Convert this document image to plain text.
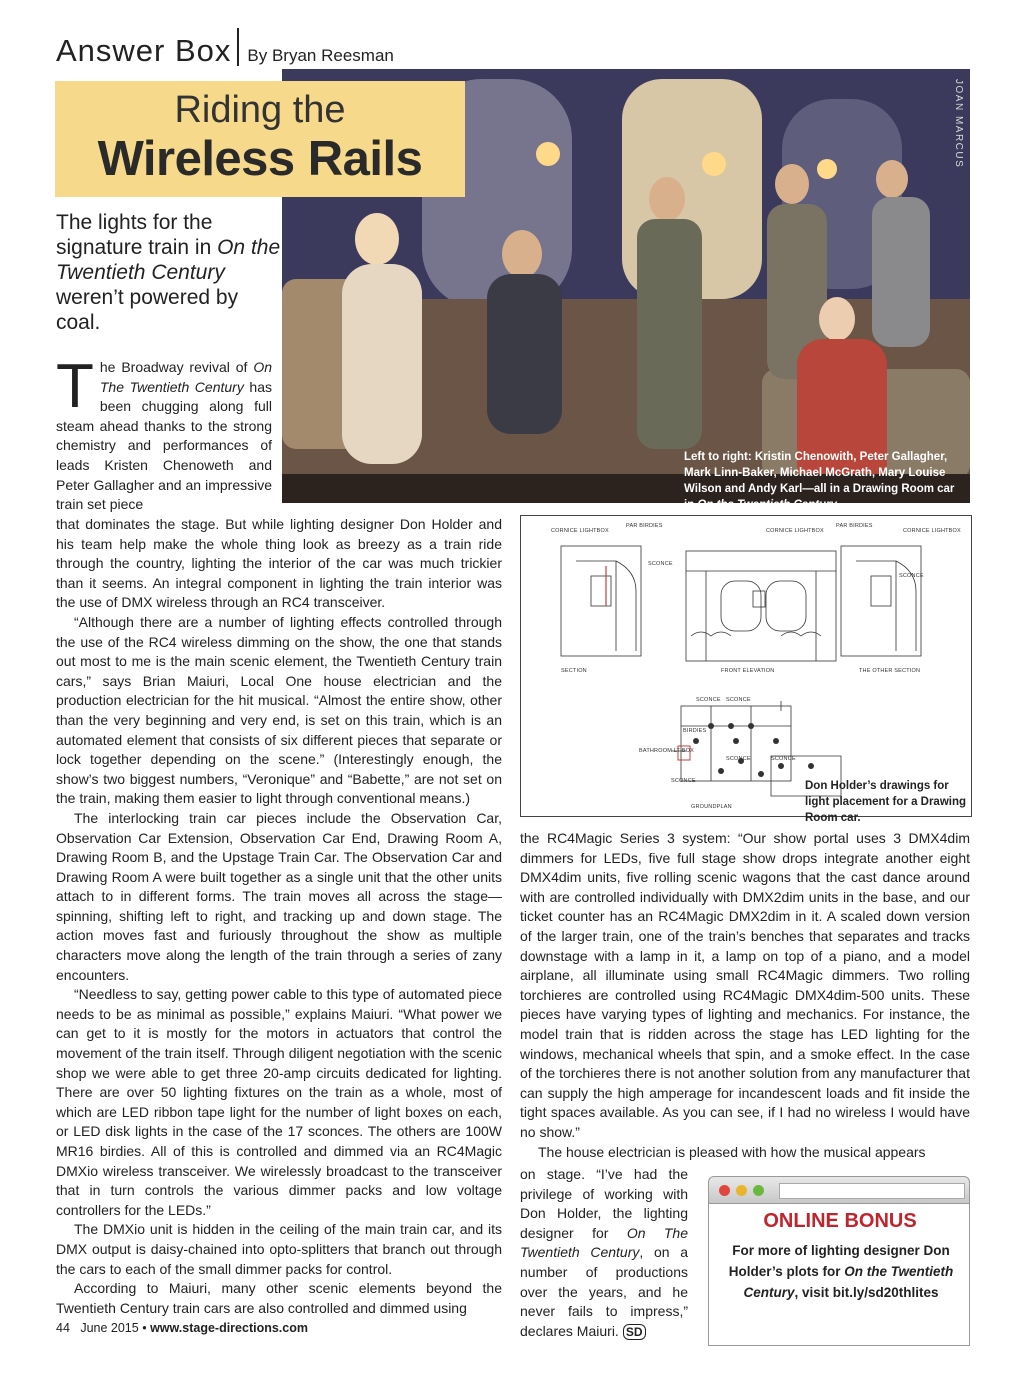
Answer Box By Bryan Reesman
JOAN MARCUS
Left to right: Kristin Chenowith, Peter Gallagher, Mark Linn-Baker, Michael McGrath, Mary Louise Wilson and Andy Karl—all in a Drawing Room car in On the Twentieth Century
Riding the
Wireless Rails
The lights for the signature train in On the Twentieth Century weren’t powered by coal.

The Broadway revival of On The Twentieth Century has been chugging along full steam ahead thanks to the strong chemistry and performances of leads Kristen Chenoweth and Peter Gallagher and an impressive train set piece

that dominates the stage. But while lighting designer Don Holder and his team help make the whole thing look as breezy as a train ride through the country, lighting the interior of the car was much trickier than it seems. An integral component in lighting the train interior was the use of DMX wireless through an RC4 transceiver.

“Although there are a number of lighting effects controlled through the use of the RC4 wireless dimming on the show, the one that stands out most to me is the main scenic element, the Twentieth Century train cars,” says Brian Maiuri, Local One house electrician and the production electrician for the hit musical. “Almost the entire show, other than the very beginning and very end, is set on this train, which is an automated element that consists of six different pieces that separate or lock together depending on the scene.” (Interestingly enough, the show’s two biggest numbers, “Veronique” and “Babette,” are not set on the train, making them easier to light through conventional means.)

The interlocking train car pieces include the Observation Car, Observation Car Extension, Observation Car End, Drawing Room A, Drawing Room B, and the Upstage Train Car. The Observation Car and Drawing Room A were built together as a single unit that the other units attach to in different forms. The train moves all across the stage—spinning, shifting left to right, and tracking up and down stage. The action moves fast and furiously throughout the show as multiple characters move along the length of the train through a series of zany encounters.

“Needless to say, getting power cable to this type of automated piece needs to be as minimal as possible,” explains Maiuri. “What power we can get to it is mostly for the motors in actuators that control the movement of the train itself. Through diligent negotiation with the scenic shop we were able to get three 20-amp circuits dedicated for lighting. There are over 50 lighting fixtures on the train as a whole, most of which are LED ribbon tape light for the number of light boxes on each, or LED disk lights in the case of the 17 sconces. The others are 100W MR16 birdies. All of this is controlled and dimmed via an RC4Magic DMXio wireless transceiver. We wirelessly broadcast to the transceiver that in turn controls the various dimmer packs and low voltage controllers for the LEDs.”

The DMXio unit is hidden in the ceiling of the main train car, and its DMX output is daisy-chained into opto-splitters that branch out through the cars to each of the small dimmer packs for control.

According to Maiuri, many other scenic elements beyond the Twentieth Century train cars are also controlled and dimmed using

CORNICE LIGHTBOX
PAR BIRDIES
CORNICE LIGHTBOX
PAR BIRDIES
CORNICE LIGHTBOX
SCONCE
SCONCE
SECTION	FRONT ELEVATION	THE OTHER SECTION
SCONCE SCONCE
BIRDIES
BATHROOM LT BOX
SCONCE	SCONCE
SCONCE
GROUNDPLAN
Don Holder’s drawings for light placement for a Drawing Room car.

the RC4Magic Series 3 system: “Our show portal uses 3 DMX4dim dimmers for LEDs, five full stage show drops integrate another eight DMX4dim units, five rolling scenic wagons that the cast dance around with are controlled individually with DMX2dim units in the base, and our ticket counter has an RC4Magic DMX2dim in it. A scaled down version of the larger train, one of the train’s benches that separates and tracks downstage with a lamp in it, a lamp on top of a piano, and a model airplane, all illuminate using small RC4Magic dimmers. Two rolling torchieres are controlled using RC4Magic DMX4dim-500 units. These pieces have varying types of lighting and mechanics. For instance, the model train that is ridden across the stage has LED lighting for the windows, mechanical wheels that spin, and a smoke effect. In the case of the torchieres there is not another solution from any manufacturer that can supply the high amperage for incandescent loads and fit inside the tight spaces available. As you can see, if I had no wireless I would have no show.”

The house electrician is pleased with how the musical appears

on stage. “I’ve had the privilege of working with Don Holder, the lighting designer for On The Twentieth Century, on a number of productions over the years, and he never fails to impress,” declares Maiuri. SD

ONLINE BONUS
For more of lighting designer Don Holder’s plots for On the Twentieth Century, visit bit.ly/sd20thlites
44 June 2015 • www.stage-directions.com
